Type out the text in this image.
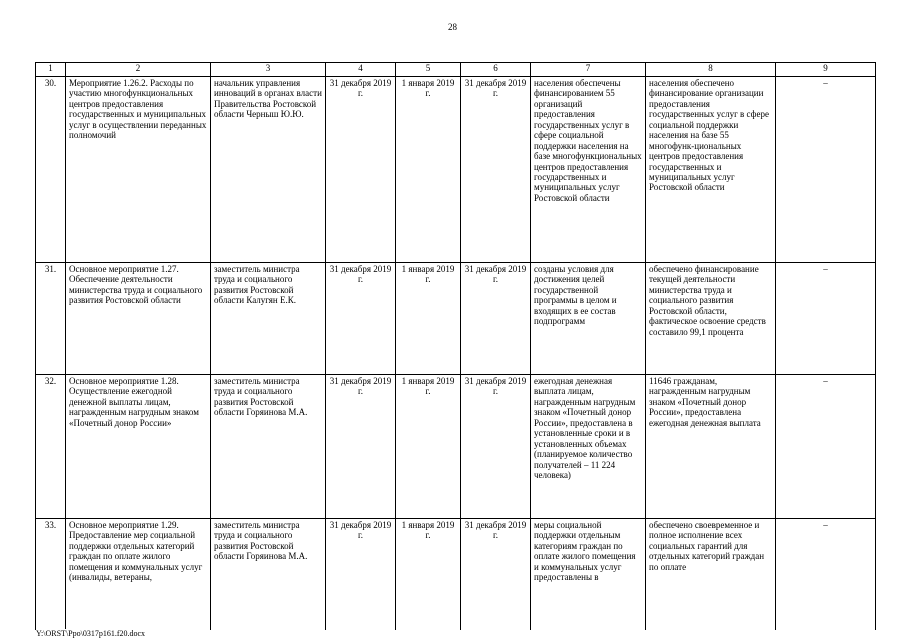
28
1	2	3	4	5	6	7	8	9
30.	Мероприятие 1.26.2. Расходы по участию многофункциональных центров предоставления государственных и муниципальных услуг в осуществлении переданных полномочий	начальник управления инноваций в органах власти Правительства Ростовской области Черныш Ю.Ю.	31 декабря 2019 г.	1 января 2019 г.	31 декабря 2019 г.	населения обеспечены финансированием 55 организаций предоставления государственных услуг в сфере социальной поддержки населения на базе многофункциональных центров предоставления государственных и муниципальных услуг Ростовской области	населения обеспечено финансирование организации предоставления государственных услуг в сфере социальной поддержки населения на базе 55 многофунк-циональных центров предоставления государственных и муниципальных услуг Ростовской области	–
31.	Основное мероприятие 1.27. Обеспечение деятельности министерства труда и социального развития Ростовской области	заместитель министра труда и социального развития Ростовской области Калугян Е.К.	31 декабря 2019 г.	1 января 2019 г.	31 декабря 2019 г.	созданы условия для достижения целей государственной программы в целом и входящих в ее состав подпрограмм	обеспечено финансирование текущей деятельности министерства труда и социального развития Ростовской области, фактическое освоение средств составило 99,1 процента	–
32.	Основное мероприятие 1.28. Осуществление ежегодной денежной выплаты лицам, награжденным нагрудным знаком «Почетный донор России»	заместитель министра труда и социального развития Ростовской области Горяинова М.А.	31 декабря 2019 г.	1 января 2019 г.	31 декабря 2019 г.	ежегодная денежная выплата лицам, награжденным нагрудным знаком «Почетный донор России», предоставлена в установленные сроки и в установленных объемах (планируемое количество получателей – 11 224 человека)	11646 гражданам, награжденным нагрудным знаком «Почетный донор России», предоставлена ежегодная денежная выплата	–
33.	Основное мероприятие 1.29. Предоставление мер социальной поддержки отдельных категорий граждан по оплате жилого помещения и коммунальных услуг (инвалиды, ветераны,	заместитель министра труда и социального развития Ростовской области Горяинова М.А.	31 декабря 2019 г.	1 января 2019 г.	31 декабря 2019 г.	меры социальной поддержки отдельным категориям граждан по оплате жилого помещения и коммунальных услуг предоставлены в	обеспечено своевременное и полное исполнение всех социальных гарантий для отдельных категорий граждан по оплате	–
Y:\ORST\Ppo\0317p161.f20.docx
